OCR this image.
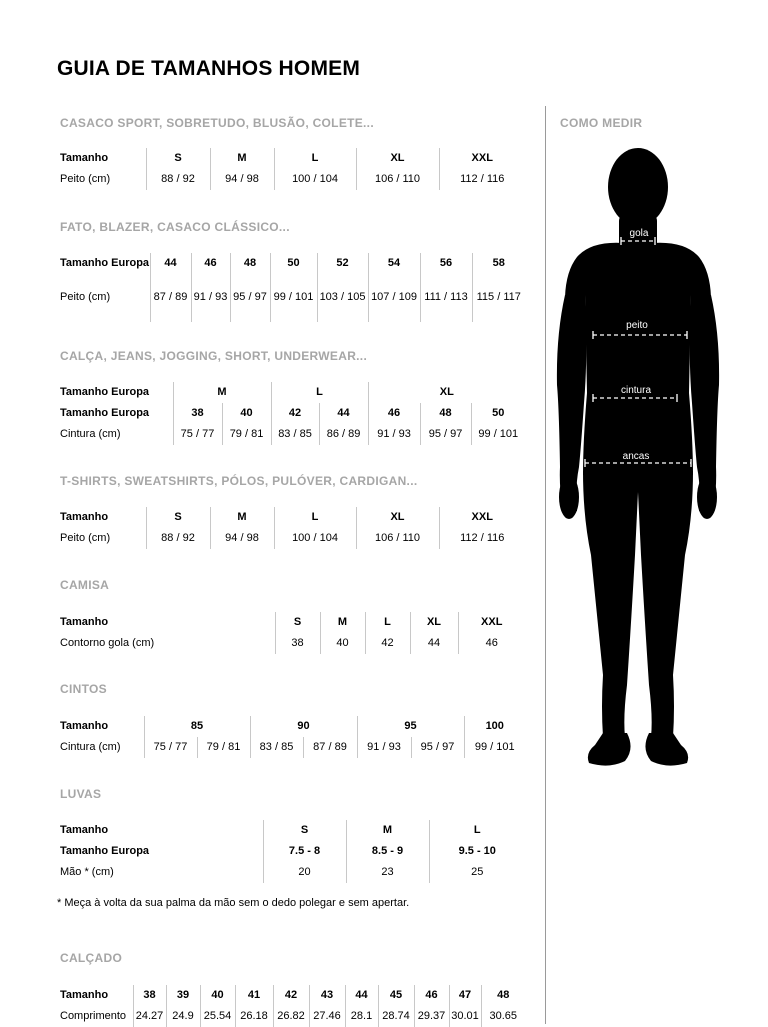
GUIA DE TAMANHOS HOMEM
CASACO SPORT, SOBRETUDO, BLUSÃO, COLETE...
Tamanho	S	M	L	XL	XXL
Peito (cm)	88 / 92	94 / 98	100 / 104	106 / 110	112 / 116
FATO, BLAZER, CASACO CLÁSSICO...
Tamanho Europa	44	46	48	50	52	54	56	58
Peito (cm)	87 / 89	91 / 93	95 / 97	99 / 101	103 / 105	107 / 109	111 / 113	115 / 117
CALÇA, JEANS, JOGGING, SHORT, UNDERWEAR...
Tamanho Europa	M		L		XL		
Tamanho Europa	38	40	42	44	46	48	50
Cintura (cm)	75 / 77	79 / 81	83 / 85	86 / 89	91 / 93	95 / 97	99 / 101
T-SHIRTS, SWEATSHIRTS, PÓLOS, PULÓVER, CARDIGAN...
Tamanho	S	M	L	XL	XXL
Peito (cm)	88 / 92	94 / 98	100 / 104	106 / 110	112 / 116
CAMISA
Tamanho	S	M	L	XL	XXL
Contorno gola (cm)	38	40	42	44	46
CINTOS
Tamanho	85		90		95		100
Cintura (cm)	75 / 77	79 / 81	83 / 85	87 / 89	91 / 93	95 / 97	99 / 101
LUVAS
Tamanho	S	M	L
Tamanho Europa	7.5 - 8	8.5 - 9	9.5 - 10
Mão * (cm)	20	23	25
* Meça à volta da sua palma da mão sem o dedo polegar e sem apertar.
CALÇADO
Tamanho	38	39	40	41	42	43	44	45	46	47	48
Comprimento	24.27	24.9	25.54	26.18	26.82	27.46	28.1	28.74	29.37	30.01	30.65
COMO MEDIR
gola
peito
cintura
ancas
